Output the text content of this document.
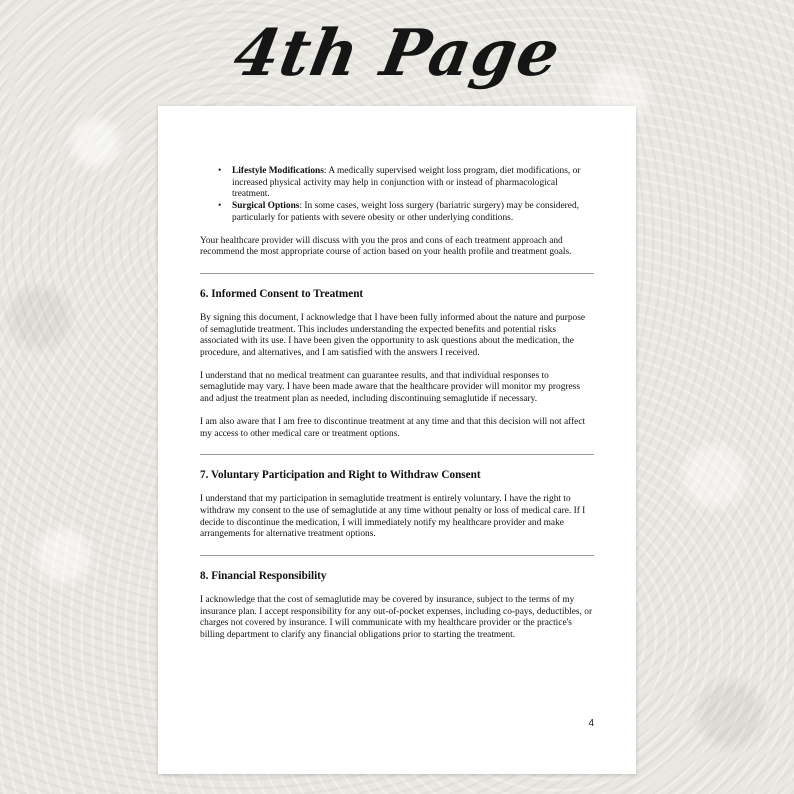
4th Page
• Lifestyle Modifications: A medically supervised weight loss program, diet modifications, or increased physical activity may help in conjunction with or instead of pharmacological treatment.
• Surgical Options: In some cases, weight loss surgery (bariatric surgery) may be considered, particularly for patients with severe obesity or other underlying conditions.

Your healthcare provider will discuss with you the pros and cons of each treatment approach and recommend the most appropriate course of action based on your health profile and treatment goals.

6. Informed Consent to Treatment

By signing this document, I acknowledge that I have been fully informed about the nature and purpose of semaglutide treatment. This includes understanding the expected benefits and potential risks associated with its use. I have been given the opportunity to ask questions about the medication, the procedure, and alternatives, and I am satisfied with the answers I received.

I understand that no medical treatment can guarantee results, and that individual responses to semaglutide may vary. I have been made aware that the healthcare provider will monitor my progress and adjust the treatment plan as needed, including discontinuing semaglutide if necessary.

I am also aware that I am free to discontinue treatment at any time and that this decision will not affect my access to other medical care or treatment options.

7. Voluntary Participation and Right to Withdraw Consent

I understand that my participation in semaglutide treatment is entirely voluntary. I have the right to withdraw my consent to the use of semaglutide at any time without penalty or loss of medical care. If I decide to discontinue the medication, I will immediately notify my healthcare provider and make arrangements for alternative treatment options.

8. Financial Responsibility

I acknowledge that the cost of semaglutide may be covered by insurance, subject to the terms of my insurance plan. I accept responsibility for any out-of-pocket expenses, including co-pays, deductibles, or charges not covered by insurance. I will communicate with my healthcare provider or the practice's billing department to clarify any financial obligations prior to starting the treatment.

4
